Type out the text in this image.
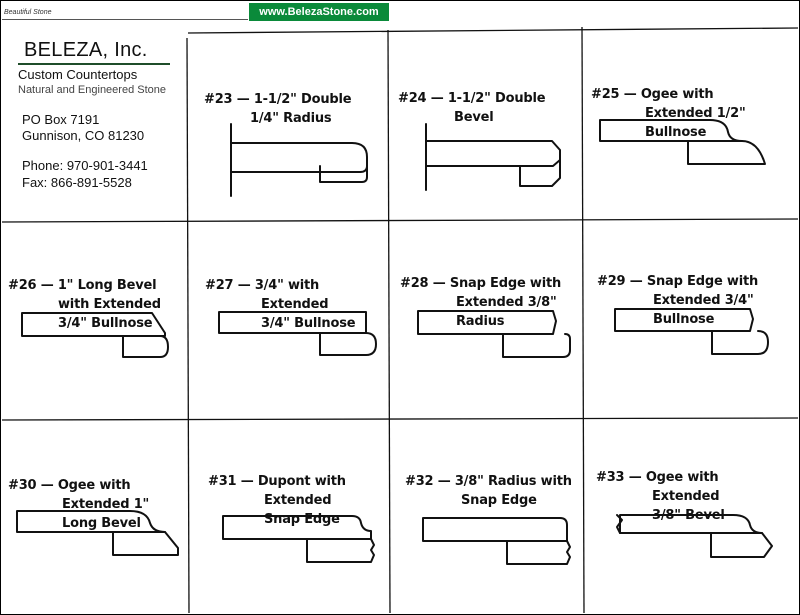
Beautiful Stone	www.BelezaStone.com
BELEZA, Inc.
Custom Countertops
Natural and Engineered Stone
PO Box 7191
Gunnison, CO 81230
Phone: 970-901-3441
Fax: 866-891-5528

#23 — 1-1/2" Double
1/4" Radius

#24 — 1-1/2" Double
Bevel

#25 — Ogee with
Extended 1/2"
Bullnose

#26 — 1" Long Bevel
with Extended
3/4" Bullnose

#27 — 3/4" with
Extended
3/4" Bullnose

#28 — Snap Edge with
Extended 3/8"
Radius

#29 — Snap Edge with
Extended 3/4"
Bullnose

#30 — Ogee with
Extended 1"
Long Bevel

#31 — Dupont with
Extended
Snap Edge

#32 — 3/8" Radius with
Snap Edge

#33 — Ogee with
Extended
3/8" Bevel
